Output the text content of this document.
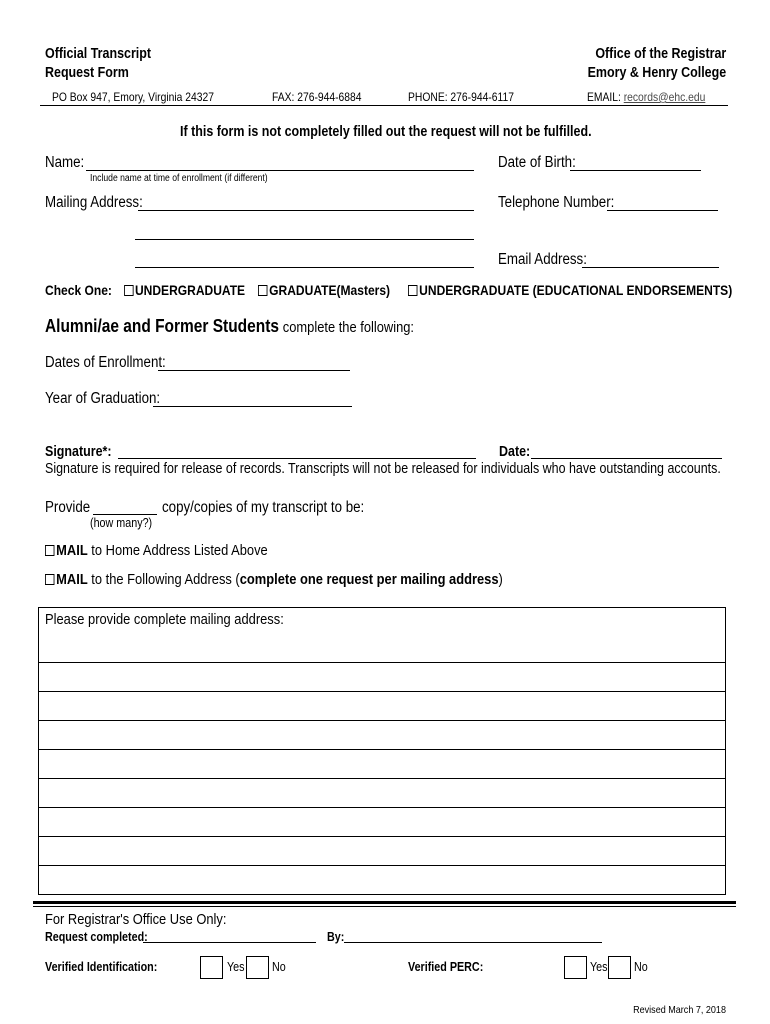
Official Transcript
Request Form
Office of the Registrar
Emory & Henry College
PO Box 947, Emory, Virginia 24327	FAX: 276-944-6884	PHONE: 276-944-6117	EMAIL: records@ehc.edu
If this form is not completely filled out the request will not be fulfilled.
Name:
Include name at time of enrollment (if different)
Date of Birth:
Mailing Address:	Telephone Number:
Email Address:
Check One: UNDERGRADUATE	GRADUATE(Masters)	UNDERGRADUATE (EDUCATIONAL ENDORSEMENTS)
Alumni/ae and Former Students complete the following:
Dates of Enrollment:
Year of Graduation:
Signature*:	Date:
Signature is required for release of records. Transcripts will not be released for individuals who have outstanding accounts.
Provide	copy/copies of my transcript to be:
(how many?)
MAIL to Home Address Listed Above
MAIL to the Following Address (complete one request per mailing address)
Please provide complete mailing address:
For Registrar's Office Use Only:
Request completed:	By:
Verified Identification:	Yes No	Verified PERC:	Yes No
Revised March 7, 2018
